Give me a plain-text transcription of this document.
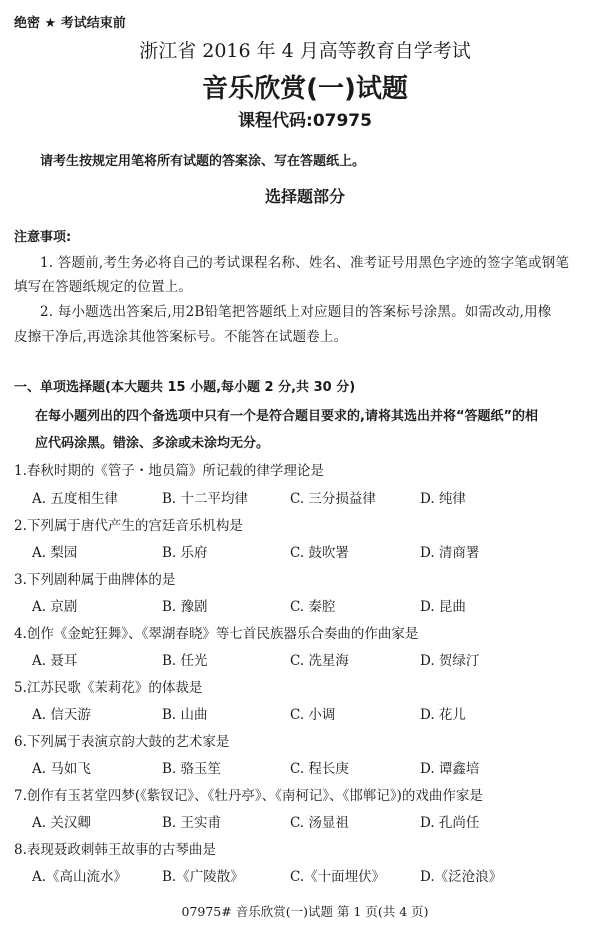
绝密 ★ 考试结束前
浙江省 2016 年 4 月高等教育自学考试
音乐欣赏(一)试题
课程代码:07975
请考生按规定用笔将所有试题的答案涂、写在答题纸上。
选择题部分
注意事项:
1. 答题前,考生务必将自己的考试课程名称、姓名、准考证号用黑色字迹的签字笔或钢笔
填写在答题纸规定的位置上。
2. 每小题选出答案后,用2B铅笔把答题纸上对应题目的答案标号涂黑。如需改动,用橡
皮擦干净后,再选涂其他答案标号。不能答在试题卷上。
一、单项选择题(本大题共 15 小题,每小题 2 分,共 30 分)
在每小题列出的四个备选项中只有一个是符合题目要求的,请将其选出并将“答题纸”的相
应代码涂黑。错涂、多涂或未涂均无分。
1.春秋时期的《管子・地员篇》所记载的律学理论是
A. 五度相生律	B. 十二平均律	C. 三分损益律	D. 纯律
2.下列属于唐代产生的宫廷音乐机构是
A. 梨园	B. 乐府	C. 鼓吹署	D. 清商署
3.下列剧种属于曲牌体的是
A. 京剧	B. 豫剧	C. 秦腔	D. 昆曲
4.创作《金蛇狂舞》、《翠湖春晓》等七首民族器乐合奏曲的作曲家是
A. 聂耳	B. 任光	C. 冼星海	D. 贺绿汀
5.江苏民歌《茉莉花》的体裁是
A. 信天游	B. 山曲	C. 小调	D. 花儿
6.下列属于表演京韵大鼓的艺术家是
A. 马如飞	B. 骆玉笙	C. 程长庚	D. 谭鑫培
7.创作有玉茗堂四梦(《紫钗记》、《牡丹亭》、《南柯记》、《邯郸记》)的戏曲作家是
A. 关汉卿	B. 王实甫	C. 汤显祖	D. 孔尚任
8.表现聂政刺韩王故事的古琴曲是
A.《高山流水》	B.《广陵散》	C.《十面埋伏》	D.《泛沧浪》
07975# 音乐欣赏(一)试题 第 1 页(共 4 页)
